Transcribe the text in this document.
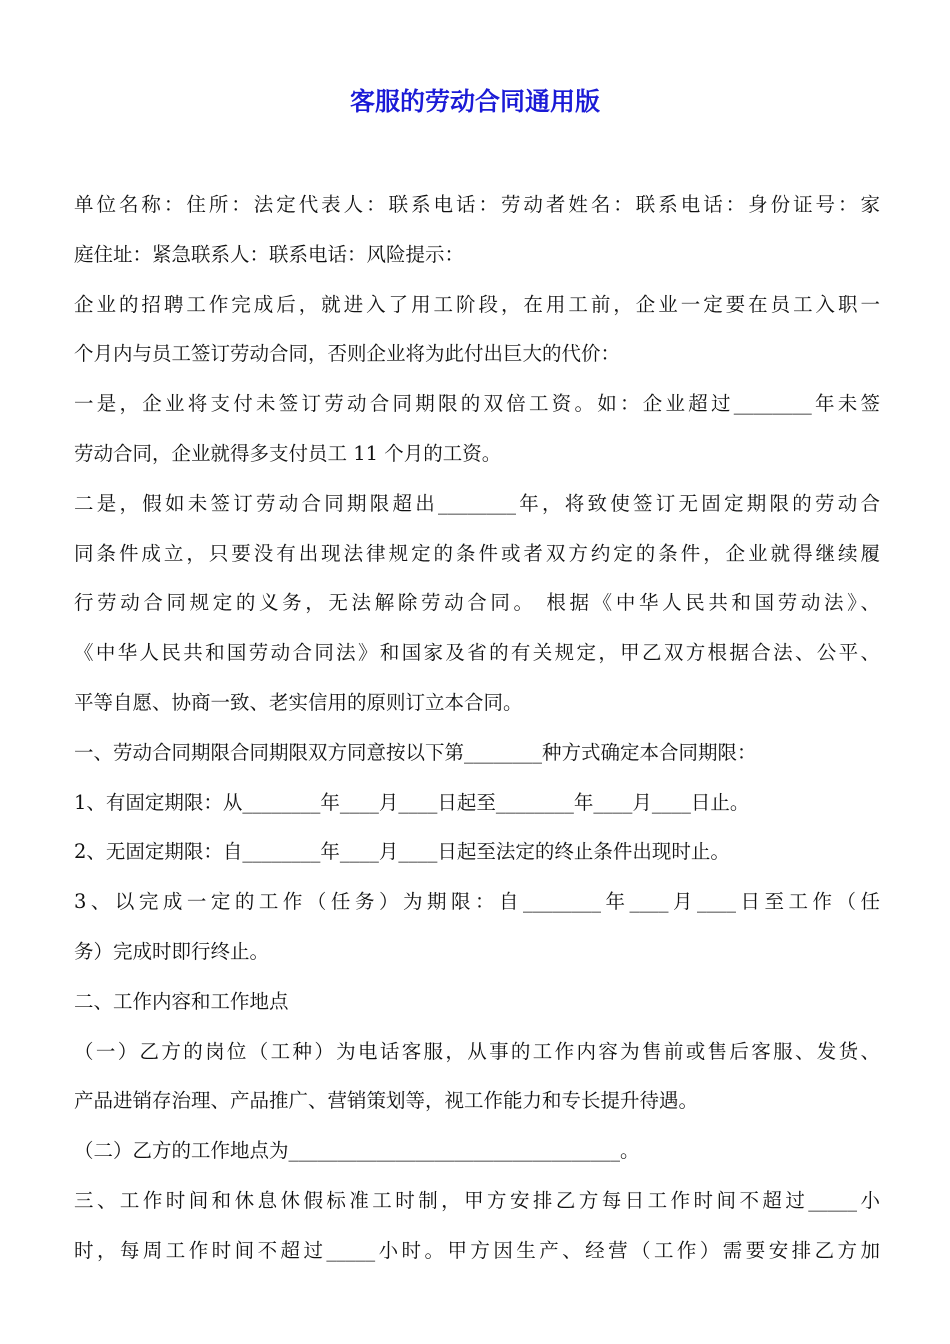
客服的劳动合同通用版
单位名称：住所：法定代表人：联系电话：劳动者姓名：联系电话：身份证号：家
庭住址：紧急联系人：联系电话：风险提示：
企业的招聘工作完成后，就进入了用工阶段，在用工前，企业一定要在员工入职一
个月内与员工签订劳动合同，否则企业将为此付出巨大的代价：
一是，企业将支付未签订劳动合同期限的双倍工资。如：企业超过________年未签
劳动合同，企业就得多支付员工 11 个月的工资。
二是，假如未签订劳动合同期限超出________年，将致使签订无固定期限的劳动合
同条件成立，只要没有出现法律规定的条件或者双方约定的条件，企业就得继续履
行劳动合同规定的义务，无法解除劳动合同。 根据《中华人民共和国劳动法》、
《中华人民共和国劳动合同法》和国家及省的有关规定，甲乙双方根据合法、公平、
平等自愿、协商一致、老实信用的原则订立本合同。
一、劳动合同期限合同期限双方同意按以下第________种方式确定本合同期限：
1、有固定期限：从________年____月____日起至________年____月____日止。
2、无固定期限：自________年____月____日起至法定的终止条件出现时止。
3、以完成一定的工作（任务）为期限：自________年____月____日至工作（任
务）完成时即行终止。
二、工作内容和工作地点
（一）乙方的岗位（工种）为电话客服，从事的工作内容为售前或售后客服、发货、
产品进销存治理、产品推广、营销策划等，视工作能力和专长提升待遇。
（二）乙方的工作地点为__________________________________。
三、工作时间和休息休假标准工时制，甲方安排乙方每日工作时间不超过_____小
时，每周工作时间不超过_____小时。甲方因生产、经营（工作）需要安排乙方加
